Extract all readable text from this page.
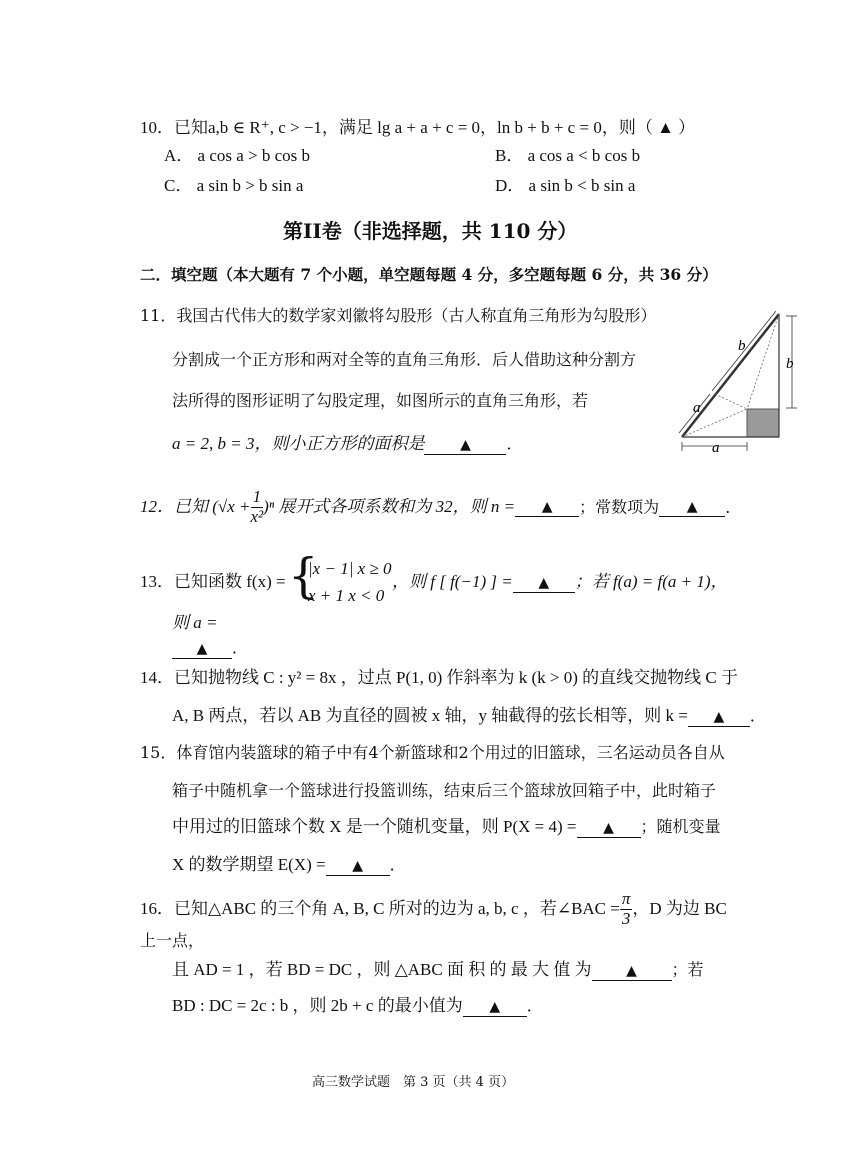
10．已知a,b ∈ R⁺, c > −1，满足 lg a + a + c = 0，ln b + b + c = 0，则（ ▲ ）
A． a cos a > b cos b	B． a cos a < b cos b
C． a sin b > b sin a	D． a sin b < b sin a
第II卷（非选择题，共 110 分）
二．填空题（本大题有 7 个小题，单空题每题 4 分，多空题每题 6 分，共 36 分）
11．我国古代伟大的数学家刘徽将勾股形（古人称直角三角形为勾股形）
分割成一个正方形和两对全等的直角三角形．后人借助这种分割方
法所得的图形证明了勾股定理，如图所示的直角三角形，若
a = 2, b = 3，则小正方形的面积是	▲ ．
b
a
b
a
12．已知 $(√x + \frac{1}{\text{x²}} )^n$ 展开式各项系数和为 32，则 n = ▲ ；常数项为 ▲ ．
13．已知函数 f(x) = {
|x − 1| x ≥ 0
x + 1 x < 0
，则 f [ f(−1) ] = ▲ ；若 f(a) = f(a + 1)，
则 a =
▲ ．
14．已知抛物线 C : y² = 8x ，过点 P(1, 0) 作斜率为 k (k > 0) 的直线交抛物线 C 于
A, B 两点，若以 AB 为直径的圆被 x 轴，y 轴截得的弦长相等，则 k = ▲ ．
15．体育馆内装篮球的箱子中有4个新篮球和2个用过的旧篮球，三名运动员各自从
箱子中随机拿一个篮球进行投篮训练，结束后三个篮球放回箱子中，此时箱子
中用过的旧篮球个数 X 是一个随机变量，则 P(X = 4) = ▲ ；随机变量
X 的数学期望 E(X) = ▲ ．
16．已知△ABC 的三个角 A, B, C 所对的边为 a, b, c ，若∠BAC = $\frac{\pi}{3}$ ，D 为边 BC
上一点，
且 AD = 1 ，若 BD = DC ，则 △ABC 面 积 的 最 大 值 为 ▲ ；若
BD : DC = 2c : b ，则 2b + c 的最小值为 ▲ ．
高三数学试题　第 3 页（共 4 页）
